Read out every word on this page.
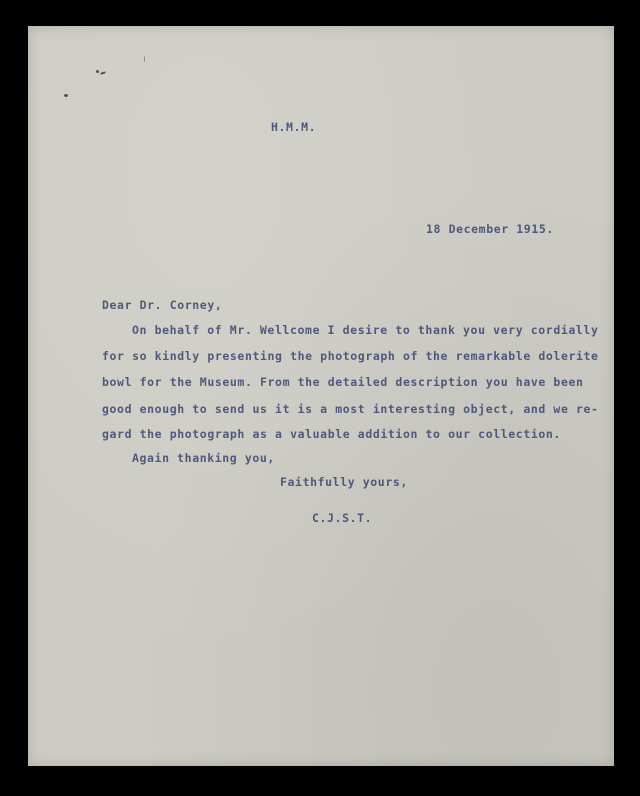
H.M.M.
18 December 1915.
Dear Dr. Corney,
On behalf of Mr. Wellcome I desire to thank you very cordially
for so kindly presenting the photograph of the remarkable dolerite
bowl for the Museum. From the detailed description you have been
good enough to send us it is a most interesting object, and we re-
gard the photograph as a valuable addition to our collection.
Again thanking you,
Faithfully yours,
C.J.S.T.
